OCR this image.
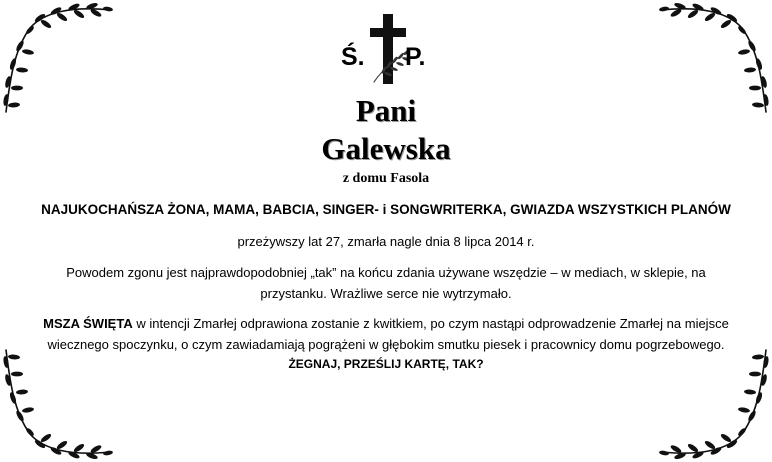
Ś. P.
Pani
Galewska
z domu Fasola
NAJUKOCHAŃSZA ŻONA, MAMA, BABCIA, SINGER- i SONGWRITERKA, GWIAZDA WSZYSTKICH PLANÓW
przeżywszy lat 27, zmarła nagle dnia 8 lipca 2014 r.
Powodem zgonu jest najprawdopodobniej „tak” na końcu zdania używane wszędzie – w mediach, w sklepie, na
przystanku. Wrażliwe serce nie wytrzymało.
MSZA ŚWIĘTA w intencji Zmarłej odprawiona zostanie z kwitkiem, po czym nastąpi odprowadzenie Zmarłej na miejsce
wiecznego spoczynku, o czym zawiadamiają pogrążeni w głębokim smutku piesek i pracownicy domu pogrzebowego.
ŻEGNAJ, PRZEŚLIJ KARTĘ, TAK?
